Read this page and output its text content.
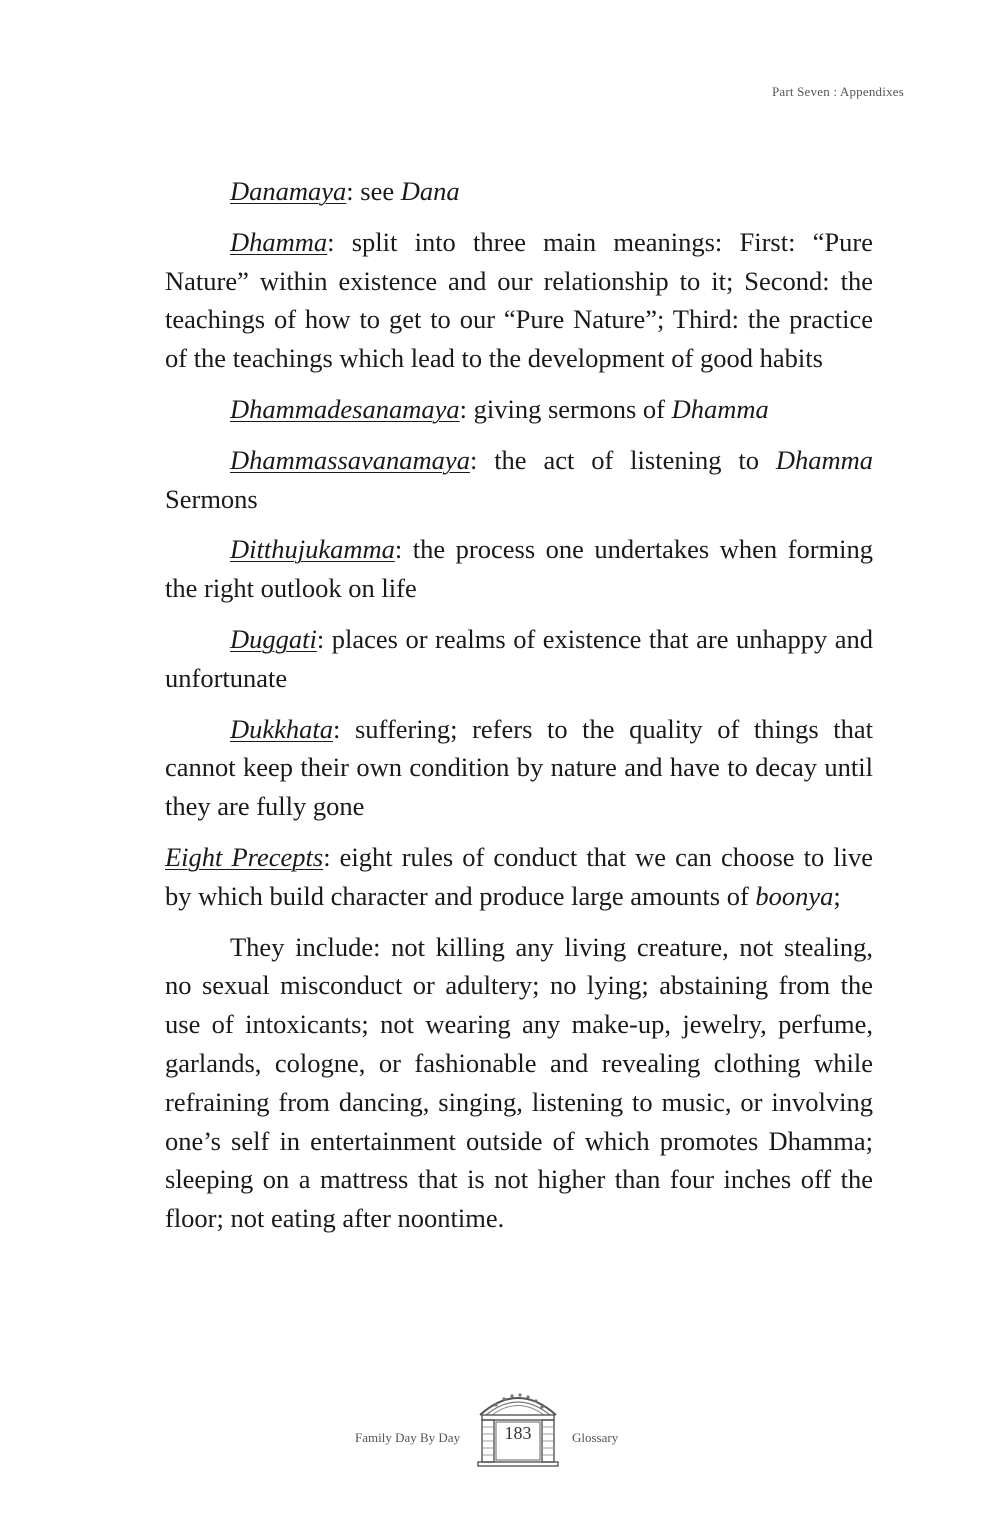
Part Seven : Appendixes

Danamaya: see Dana

Dhamma: split into three main meanings: First: “Pure Nature” within existence and our relationship to it; Second: the teachings of how to get to our “Pure Nature”; Third: the practice of the teachings which lead to the development of good habits

Dhammadesanamaya: giving sermons of Dhamma

Dhammassavanamaya: the act of listening to Dhamma Sermons

Ditthujukamma: the process one undertakes when forming the right outlook on life

Duggati: places or realms of existence that are unhappy and unfortunate

Dukkhata: suffering; refers to the quality of things that cannot keep their own condition by nature and have to decay until they are fully gone

Eight Precepts: eight rules of conduct that we can choose to live by which build character and produce large amounts of boonya;

They include: not killing any living creature, not stealing, no sexual misconduct or adultery; no lying; abstaining from the use of intoxicants; not wearing any make-up, jewelry, perfume, garlands, cologne, or fashionable and revealing clothing while refraining from dancing, singing, listening to music, or involving one’s self in entertainment outside of which promotes Dhamma; sleeping on a mattress that is not higher than four inches off the floor; not eating after noontime.

Family Day By Day	183	Glossary
